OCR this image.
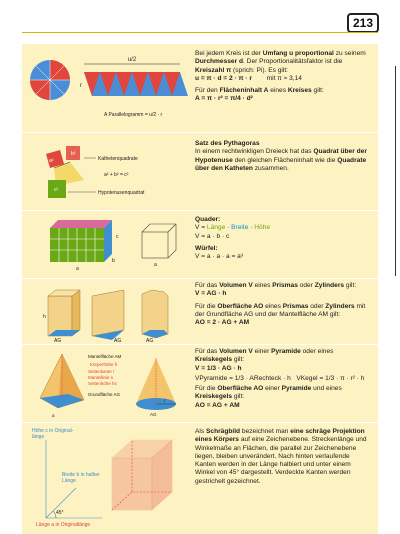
213
u/2
r
A Parallelogramm = u/2 · r

Bei jedem Kreis ist der Umfang u proportional zu seinem Durchmesser d. Der Proportionalitätsfaktor ist die Kreiszahl π (sprich: Pi). Es gilt:
u = π · d = 2 · π · r mit π ≈ 3,14

Für den Flächeninhalt A eines Kreises gilt:
A = π · r² = π/4 · d²

a²
b²
c²
Kathetenquadrate
a² + b² = c²
Hypotenusenquadrat

Satz des Pythagoras

In einem rechtwinkligen Dreieck hat das Quadrat über der Hypotenuse den gleichen Flächeninhalt wie die Quadrate über den Katheten zusammen.

a
b
c
a

Quader:

V = Länge · Breite · Höhe

V = a · b · c

Würfel:

V = a · a · a = a³

h
AG	AG	AG

Für das Volumen V eines Prismas oder Zylinders gilt:
V = AG · h

Für die Oberfläche AO eines Prismas oder Zylinders mit der Grundfläche AG und der Mantelfläche AM gilt:
AO = 2 · AG + AM

Mantelfläche AM
Körperhöhe h
Seitenkante /
Mantellinie s
Seitenhöhe hs
Grundfläche AG
a
r
AG

Für das Volumen V einer Pyramide oder eines Kreiskegels gilt:
V = 1/3 · AG · h

VPyramide = 1/3 · ARechteck · h VKegel = 1/3 · π · r² · h

Für die Oberfläche AO einer Pyramide und eines Kreiskegels gilt:
AO = AG + AM

45°
Höhe c in Original-länge
Breite b in halber Länge
Länge a in Originallänge

Als Schrägbild bezeichnet man eine schräge Projektion eines Körpers auf eine Zeichenebene. Streckenlänge und Winkelmaße an Flächen, die parallel zur Zeichenebene liegen, bleiben unverändert. Nach hinten verlaufende Kanten werden in der Länge halbiert und unter einem Winkel von 45° dargestellt. Verdeckte Kanten werden gestrichelt gezeichnet.
